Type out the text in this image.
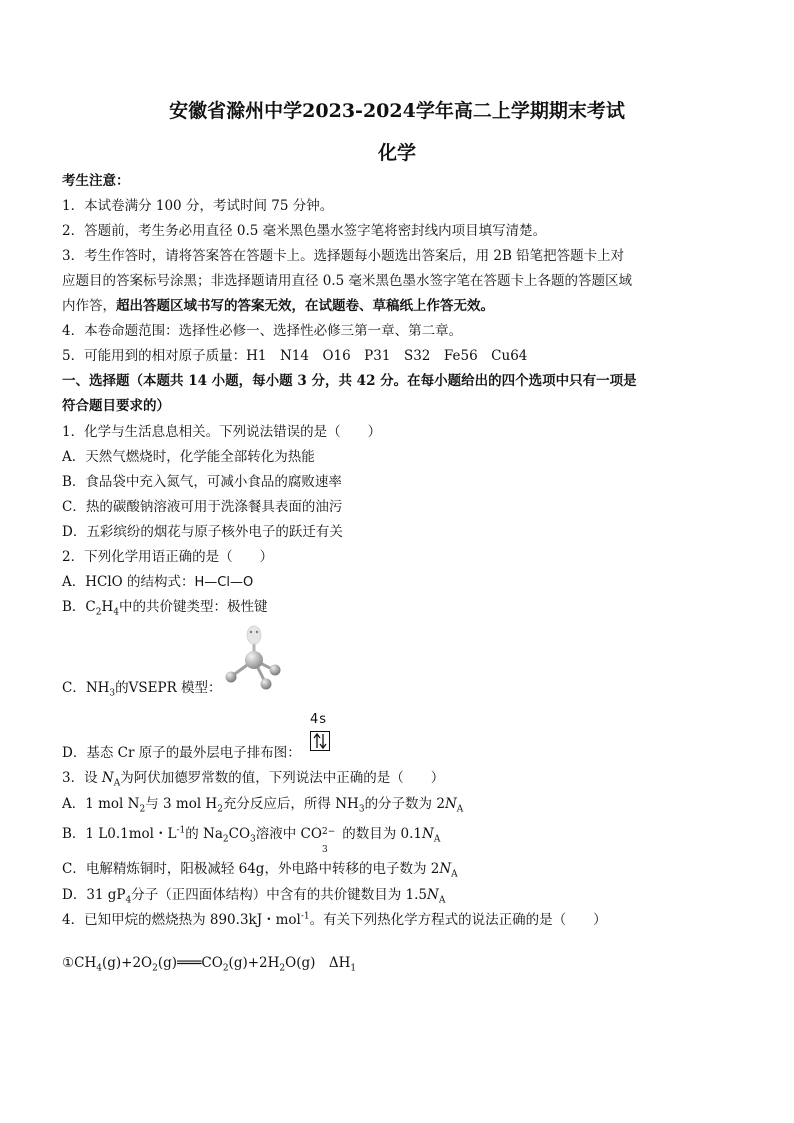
安徽省滁州中学2023-2024学年高二上学期期末考试
化学
考生注意：
1．本试卷满分 100 分，考试时间 75 分钟。
2．答题前，考生务必用直径 0.5 毫米黑色墨水签字笔将密封线内项目填写清楚。
3．考生作答时，请将答案答在答题卡上。选择题每小题选出答案后，用 2B 铅笔把答题卡上对
应题目的答案标号涂黑；非选择题请用直径 0.5 毫米黑色墨水签字笔在答题卡上各题的答题区域
内作答，超出答题区域书写的答案无效，在试题卷、草稿纸上作答无效。
4．本卷命题范围：选择性必修一、选择性必修三第一章、第二章。
5．可能用到的相对原子质量：H1　N14　O16　P31　S32　Fe56　Cu64
一、选择题（本题共 14 小题，每小题 3 分，共 42 分。在每小题给出的四个选项中只有一项是
符合题目要求的）
1．化学与生活息息相关。下列说法错误的是（　　）
A．天然气燃烧时，化学能全部转化为热能
B．食品袋中充入氮气，可减小食品的腐败速率
C．热的碳酸钠溶液可用于洗涤餐具表面的油污
D．五彩缤纷的烟花与原子核外电子的跃迁有关
2．下列化学用语正确的是（　　）
A．HClO 的结构式：H—Cl—O
B．$C_2H_4$中的共价键类型：极性键
C．$NH_3$的VSEPR 模型：
4s
D．基态 Cr 原子的最外层电子排布图：
3．设 $N_A$为阿伏加德罗常数的值，下列说法中正确的是（　　）
A．1 mol $N_2$与 3 mol $H_2$充分反应后，所得 $NH_3$的分子数为 $2N_A$
B．1 L0.1mol・$L^{-1}$的 $Na_2CO_3$溶液中 CO 2−
3
的数目为 $0.1N_A$
C．电解精炼铜时，阳极减轻 64g，外电路中转移的电子数为 $2N_A$
D．31 $gP_4$分子（正四面体结构）中含有的共价键数目为 $1.5N_A$
4．已知甲烷的燃烧热为 890.3kJ・mol$^{-1}$。有关下列热化学方程式的说法正确的是（　　）
$①CH_4(g)+2O_2(g)═══CO_2(g)+2H_2O(g)$　$\Delta H_1$
